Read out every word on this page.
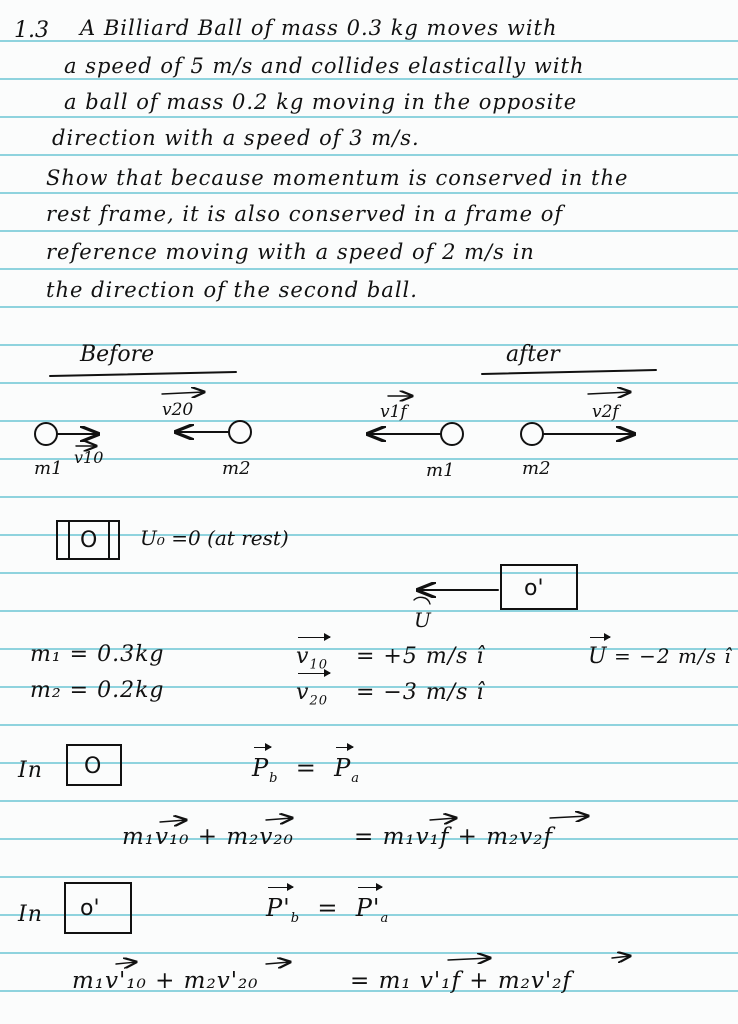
1.3 A Billiard Ball of mass 0.3 kg moves with
a speed of 5 m/s and collides elastically with
a ball of mass 0.2 kg moving in the opposite
direction with a speed of 3 m/s.
Show that because momentum is conserved in the
rest frame, it is also conserved in a frame of
reference moving with a speed of 2 m/s in
the direction of the second ball.
Before	after
m1	m2
v10
v20
m1	m2
v1f	v2f
O U₀ =0 (at rest)
o'
U
m₁ = 0.3kg
m₂ = 0.2kg
$v_{10} = +5$ m/s î
$v_{20} = -3$ m/s î
U = −2 m/s î
In O	$P_b = P_a$
m₁v₁₀ + m₂v₂₀	= m₁v₁f + m₂v₂f
In o'	$P'_b = P'_a$
m₁v'₁₀ + m₂v'₂₀	= m₁ v'₁f + m₂v'₂f
